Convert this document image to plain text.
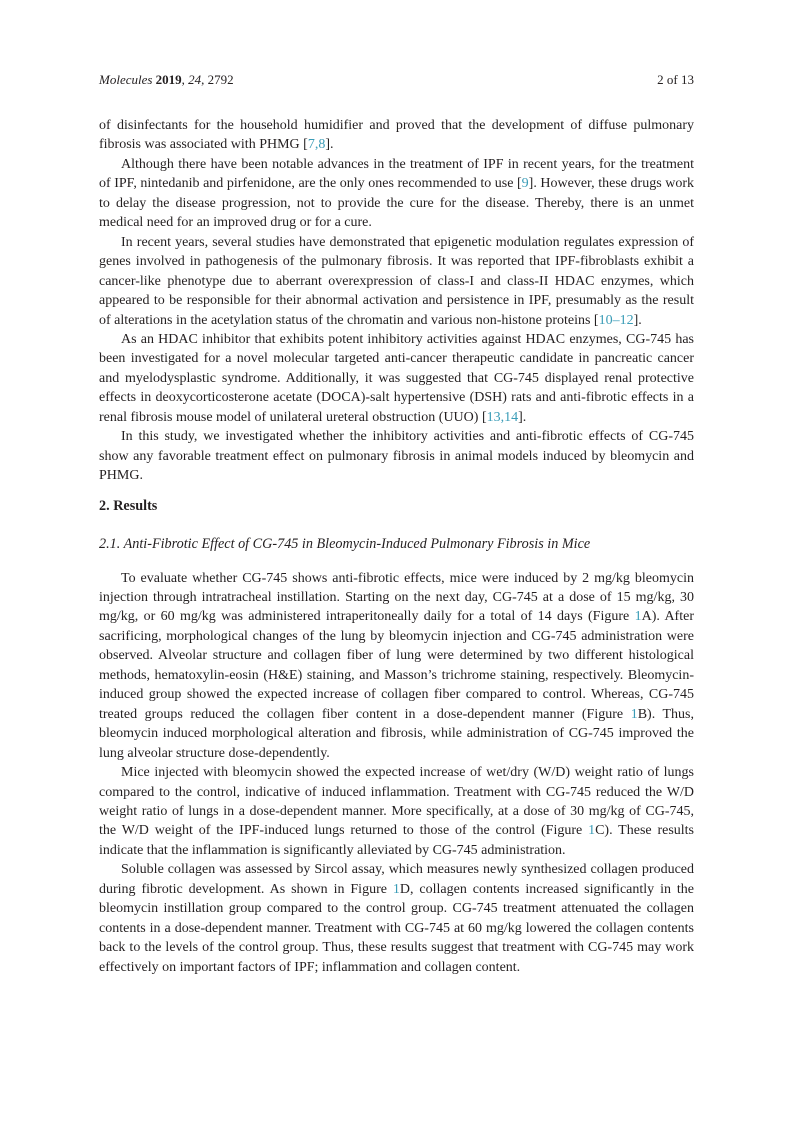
Molecules 2019, 24, 2792	2 of 13

of disinfectants for the household humidifier and proved that the development of diffuse pulmonary fibrosis was associated with PHMG [7,8].

Although there have been notable advances in the treatment of IPF in recent years, for the treatment of IPF, nintedanib and pirfenidone, are the only ones recommended to use [9]. However, these drugs work to delay the disease progression, not to provide the cure for the disease. Thereby, there is an unmet medical need for an improved drug or for a cure.

In recent years, several studies have demonstrated that epigenetic modulation regulates expression of genes involved in pathogenesis of the pulmonary fibrosis. It was reported that IPF-fibroblasts exhibit a cancer-like phenotype due to aberrant overexpression of class-I and class-II HDAC enzymes, which appeared to be responsible for their abnormal activation and persistence in IPF, presumably as the result of alterations in the acetylation status of the chromatin and various non-histone proteins [10–12].

As an HDAC inhibitor that exhibits potent inhibitory activities against HDAC enzymes, CG-745 has been investigated for a novel molecular targeted anti-cancer therapeutic candidate in pancreatic cancer and myelodysplastic syndrome. Additionally, it was suggested that CG-745 displayed renal protective effects in deoxycorticosterone acetate (DOCA)-salt hypertensive (DSH) rats and anti-fibrotic effects in a renal fibrosis mouse model of unilateral ureteral obstruction (UUO) [13,14].

In this study, we investigated whether the inhibitory activities and anti-fibrotic effects of CG-745 show any favorable treatment effect on pulmonary fibrosis in animal models induced by bleomycin and PHMG.

2. Results
2.1. Anti-Fibrotic Effect of CG-745 in Bleomycin-Induced Pulmonary Fibrosis in Mice

To evaluate whether CG-745 shows anti-fibrotic effects, mice were induced by 2 mg/kg bleomycin injection through intratracheal instillation. Starting on the next day, CG-745 at a dose of 15 mg/kg, 30 mg/kg, or 60 mg/kg was administered intraperitoneally daily for a total of 14 days (Figure 1A). After sacrificing, morphological changes of the lung by bleomycin injection and CG-745 administration were observed. Alveolar structure and collagen fiber of lung were determined by two different histological methods, hematoxylin-eosin (H&E) staining, and Masson’s trichrome staining, respectively. Bleomycin-induced group showed the expected increase of collagen fiber compared to control. Whereas, CG-745 treated groups reduced the collagen fiber content in a dose-dependent manner (Figure 1B). Thus, bleomycin induced morphological alteration and fibrosis, while administration of CG-745 improved the lung alveolar structure dose-dependently.

Mice injected with bleomycin showed the expected increase of wet/dry (W/D) weight ratio of lungs compared to the control, indicative of induced inflammation. Treatment with CG-745 reduced the W/D weight ratio of lungs in a dose-dependent manner. More specifically, at a dose of 30 mg/kg of CG-745, the W/D weight of the IPF-induced lungs returned to those of the control (Figure 1C). These results indicate that the inflammation is significantly alleviated by CG-745 administration.

Soluble collagen was assessed by Sircol assay, which measures newly synthesized collagen produced during fibrotic development. As shown in Figure 1D, collagen contents increased significantly in the bleomycin instillation group compared to the control group. CG-745 treatment attenuated the collagen contents in a dose-dependent manner. Treatment with CG-745 at 60 mg/kg lowered the collagen contents back to the levels of the control group. Thus, these results suggest that treatment with CG-745 may work effectively on important factors of IPF; inflammation and collagen content.
